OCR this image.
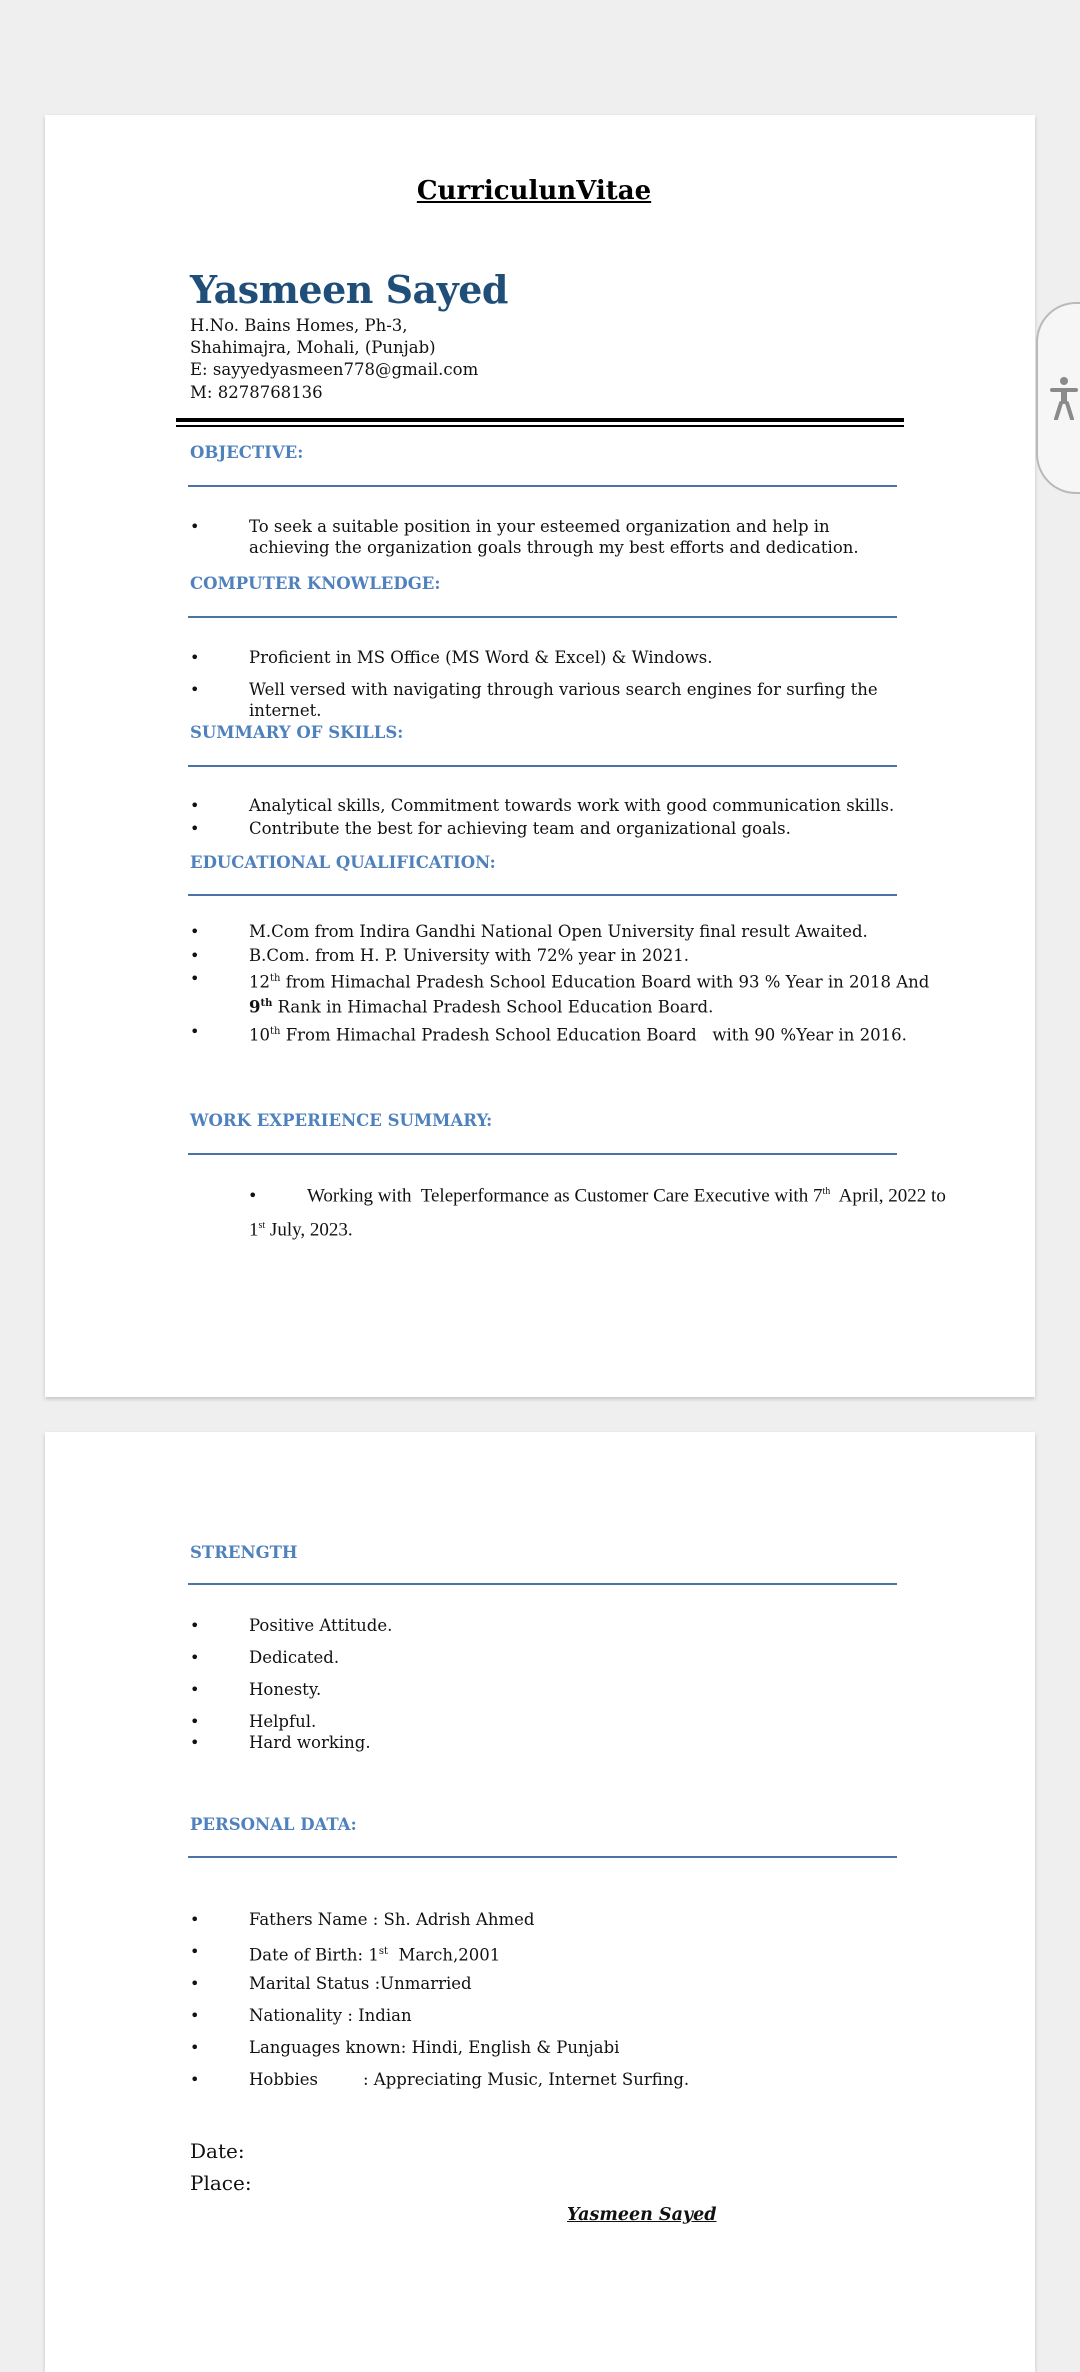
CurriculunVitae
Yasmeen Sayed
H.No. Bains Homes, Ph-3,
Shahimajra, Mohali, (Punjab)
E: sayyedyasmeen778@gmail.com
M: 8278768136
OBJECTIVE:
•	To seek a suitable position in your esteemed organization and help in achieving the organization goals through my best efforts and dedication.
COMPUTER KNOWLEDGE:
•	Proficient in MS Office (MS Word & Excel) & Windows.
•	Well versed with navigating through various search engines for surfing the internet.
SUMMARY OF SKILLS:
•	Analytical skills, Commitment towards work with good communication skills.
•	Contribute the best for achieving team and organizational goals.
EDUCATIONAL QUALIFICATION:
•	M.Com from Indira Gandhi National Open University final result Awaited.
•	B.Com. from H. P. University with 72% year in 2021.
•	12th from Himachal Pradesh School Education Board with 93 % Year in 2018 And 9th Rank in Himachal Pradesh School Education Board.
•	10th From Himachal Pradesh School Education Board   with 90 %Year in 2016.
WORK EXPERIENCE SUMMARY:
•	Working with  Teleperformance as Customer Care Executive with 7th  April, 2022 to
1st July, 2023.
STRENGTH
•	Positive Attitude.
•	Dedicated.
•	Honesty.
•	Helpful.
•	Hard working.
PERSONAL DATA:
•	Fathers Name : Sh. Adrish Ahmed
•	Date of Birth: 1st  March,2001
•	Marital Status :Unmarried
•	Nationality : Indian
•	Languages known: Hindi, English & Punjabi
•	Hobbies	: Appreciating Music, Internet Surfing.
Date:
Place:
Yasmeen Sayed
